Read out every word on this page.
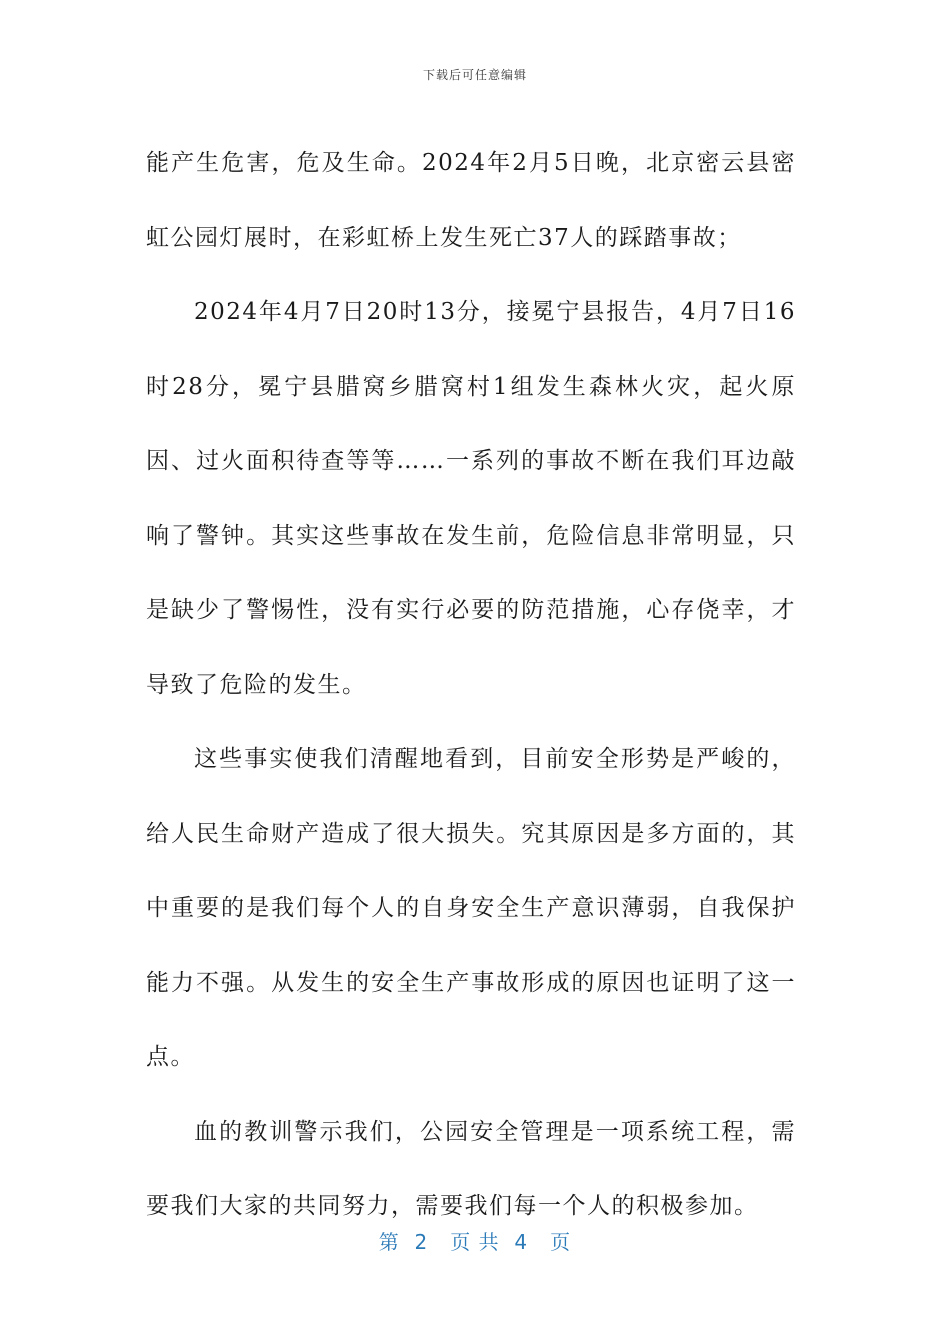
下载后可任意编辑

能产生危害，危及生命。2024年2月5日晚，北京密云县密虹公园灯展时，在彩虹桥上发生死亡37人的踩踏事故；

2024年4月7日20时13分，接冕宁县报告，4月7日16时28分，冕宁县腊窝乡腊窝村1组发生森林火灾，起火原因、过火面积待查等等……一系列的事故不断在我们耳边敲响了警钟。其实这些事故在发生前，危险信息非常明显，只是缺少了警惕性，没有实行必要的防范措施，心存侥幸，才导致了危险的发生。

这些事实使我们清醒地看到，目前安全形势是严峻的，给人民生命财产造成了很大损失。究其原因是多方面的，其中重要的是我们每个人的自身安全生产意识薄弱，自我保护能力不强。从发生的安全生产事故形成的原因也证明了这一点。

血的教训警示我们，公园安全管理是一项系统工程，需要我们大家的共同努力，需要我们每一个人的积极参加。

第  2   页 共  4   页
